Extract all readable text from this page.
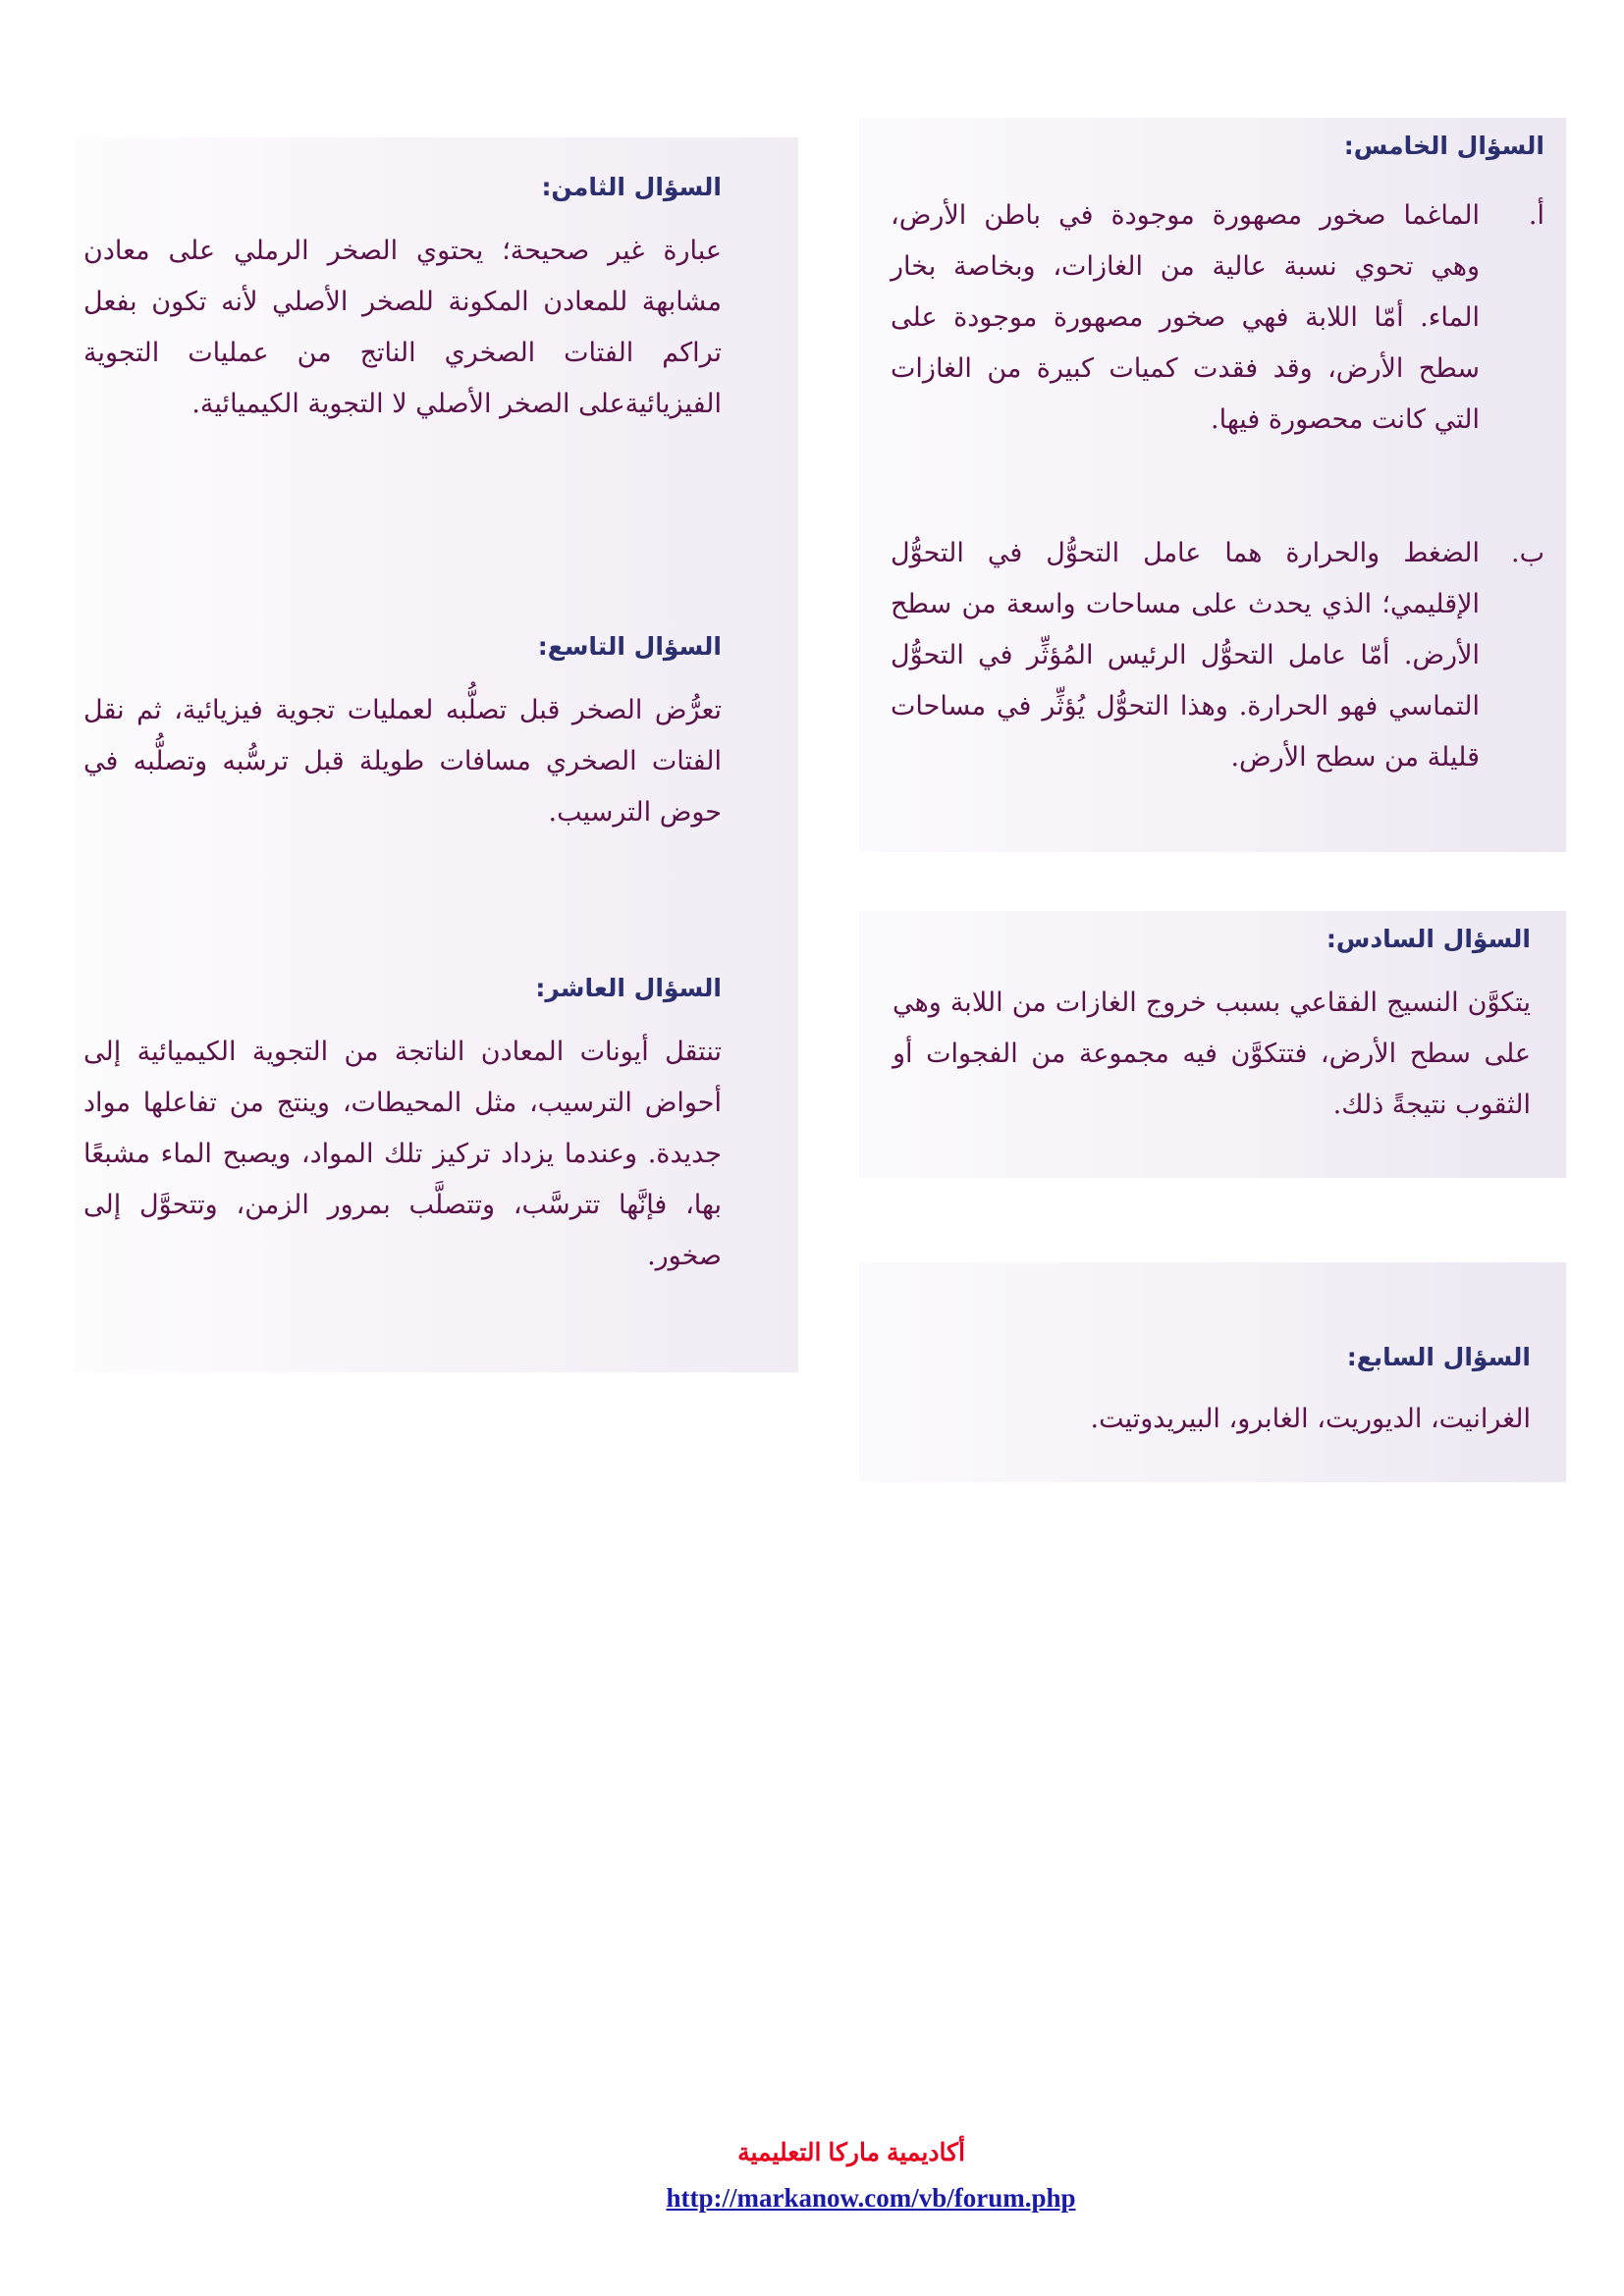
السؤال الخامس:
أ.

الماغما صخور مصهورة موجودة في باطن الأرض، وهي تحوي نسبة عالية من الغازات، وبخاصة بخار الماء. أمّا اللابة فهي صخور مصهورة موجودة على سطح الأرض، وقد فقدت كميات كبيرة من الغازات التي كانت محصورة فيها.

ب.

الضغط والحرارة هما عامل التحوُّل في التحوُّل الإقليمي؛ الذي يحدث على مساحات واسعة من سطح الأرض. أمّا عامل التحوُّل الرئيس المُؤثِّر في التحوُّل التماسي فهو الحرارة. وهذا التحوُّل يُؤثِّر في مساحات قليلة من سطح الأرض.

السؤال السادس:

يتكوَّن النسيج الفقاعي بسبب خروج الغازات من اللابة وهي على سطح الأرض، فتتكوَّن فيه مجموعة من الفجوات أو الثقوب نتيجةً ذلك.

السؤال السابع:

الغرانيت، الديوريت، الغابرو، البيريدوتيت.

السؤال الثامن:

عبارة غير صحيحة؛ يحتوي الصخر الرملي على معادن مشابهة للمعادن المكونة للصخر الأصلي لأنه تكون بفعل تراكم الفتات الصخري الناتج من عمليات التجوية الفيزيائيةعلى الصخر الأصلي لا التجوية الكيميائية.

السؤال التاسع:

تعرُّض الصخر قبل تصلُّبه لعمليات تجوية فيزيائية، ثم نقل الفتات الصخري مسافات طويلة قبل ترسُّبه وتصلُّبه في حوض الترسيب.

السؤال العاشر:

تنتقل أيونات المعادن الناتجة من التجوية الكيميائية إلى أحواض الترسيب، مثل المحيطات، وينتج من تفاعلها مواد جديدة. وعندما يزداد تركيز تلك المواد، ويصبح الماء مشبعًا بها، فإنَّها تترسَّب، وتتصلَّب بمرور الزمن، وتتحوَّل إلى صخور.

أكاديمية ماركا التعليمية
http://markanow.com/vb/forum.php
